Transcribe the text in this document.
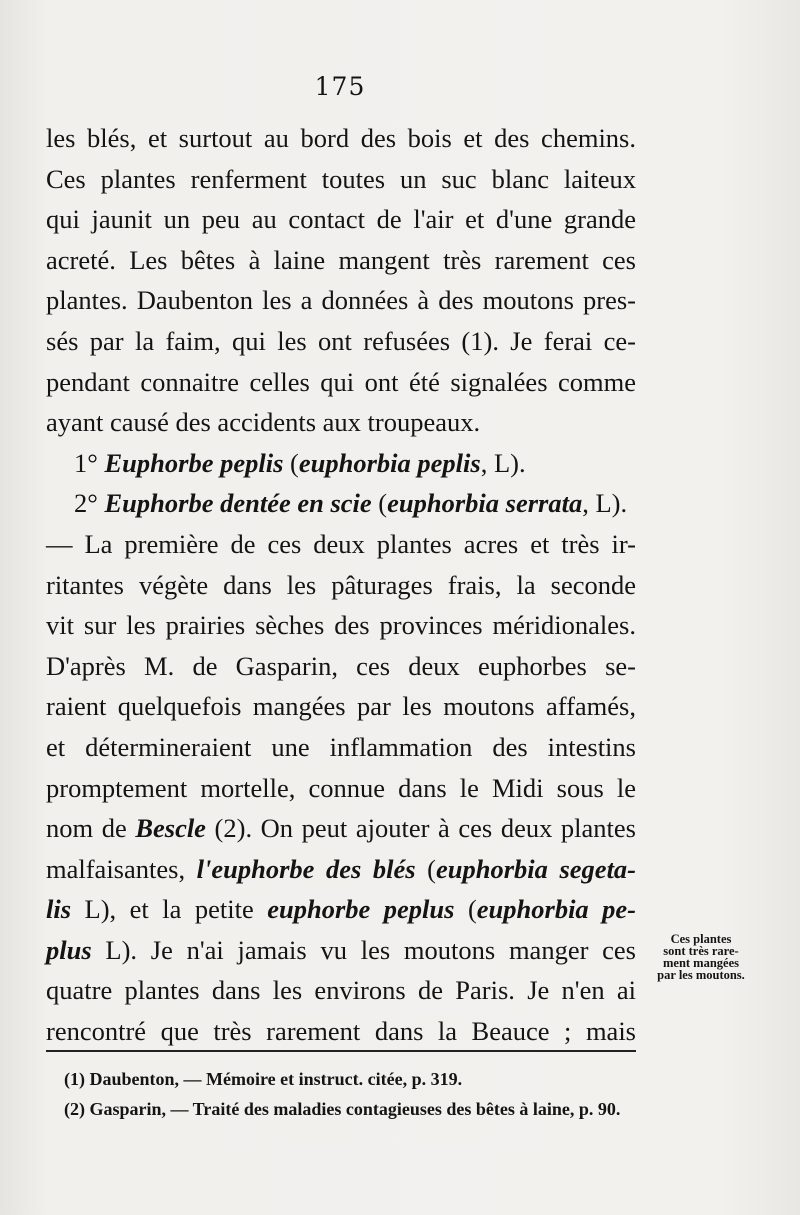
175
les blés, et surtout au bord des bois et des chemins.
Ces plantes renferment toutes un suc blanc laiteux
qui jaunit un peu au contact de l'air et d'une grande
acreté. Les bêtes à laine mangent très rarement ces
plantes. Daubenton les a données à des moutons pres-
sés par la faim, qui les ont refusées (1). Je ferai ce-
pendant connaitre celles qui ont été signalées comme
ayant causé des accidents aux troupeaux.
1° Euphorbe peplis (euphorbia peplis, L).
2° Euphorbe dentée en scie (euphorbia serrata, L).
— La première de ces deux plantes acres et très ir-
ritantes végète dans les pâturages frais, la seconde
vit sur les prairies sèches des provinces méridionales.
D'après M. de Gasparin, ces deux euphorbes se-
raient quelquefois mangées par les moutons affamés,
et détermineraient une inflammation des intestins
promptement mortelle, connue dans le Midi sous le
nom de Bescle (2). On peut ajouter à ces deux plantes
malfaisantes, l'euphorbe des blés (euphorbia segeta-
lis L), et la petite euphorbe peplus (euphorbia pe-
plus L). Je n'ai jamais vu les moutons manger ces
quatre plantes dans les environs de Paris. Je n'en ai
rencontré que très rarement dans la Beauce ; mais
Ces plantes
sont très rare-
ment mangées
par les moutons.
(1) Daubenton, — Mémoire et instruct. citée, p. 319.
(2) Gasparin, — Traité des maladies contagieuses des bêtes à laine, p. 90.
